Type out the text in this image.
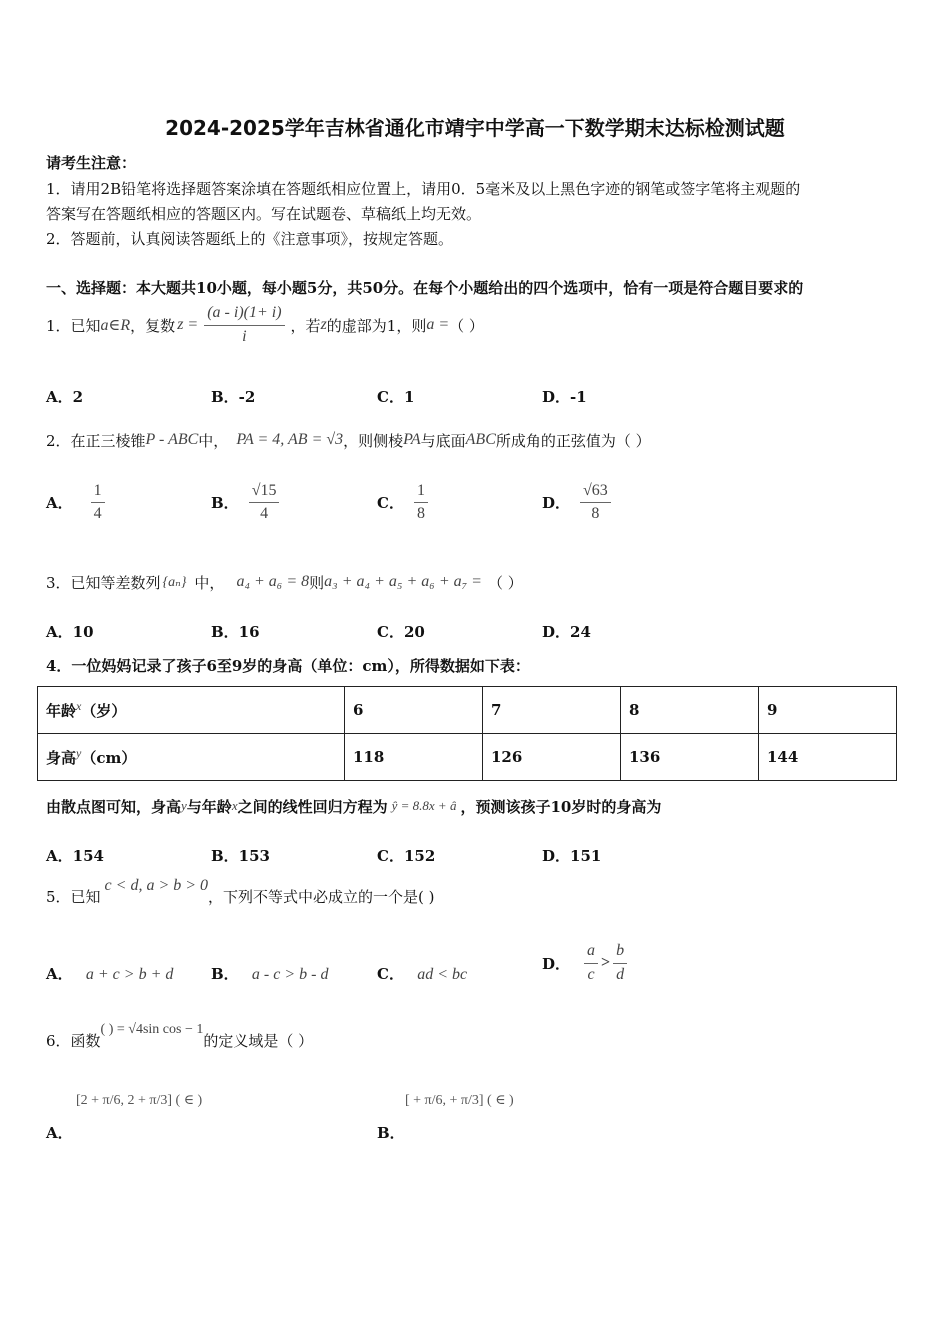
2024-2025学年吉林省通化市靖宇中学高一下数学期末达标检测试题
请考生注意：
1．请用2B铅笔将选择题答案涂填在答题纸相应位置上，请用0．5毫米及以上黑色字迹的钢笔或签字笔将主观题的
答案写在答题纸相应的答题区内。写在试题卷、草稿纸上均无效。
2．答题前，认真阅读答题纸上的《注意事项》，按规定答题。
一、选择题：本大题共10小题，每小题5分，共50分。在每个小题给出的四个选项中，恰有一项是符合题目要求的
1．已知 a∈R ，复数 $z = \frac{(a - i)(1+ i)}{i}$ ，若 z 的虚部为1，则 a = （ ）
A．2	B．-2	C．1	D．-1
2．在正三棱锥 P - ABC 中， PA = 4, AB = √3 ，则侧棱 PA 与底面 ABC 所成角的正弦值为（ ）
A． $\frac{1}{4}$	B． $\frac{√15}{4}$	C． $\frac{1}{8}$	D． $\frac{√63}{8}$
3．已知等差数列 {aₙ} 中， a₄ + a₆ = 8 则 a₃ + a₄ + a₅ + a₆ + a₇ = （ ）
A．10	B．16	C．20	D．24
4．一位妈妈记录了孩子6至9岁的身高（单位：cm），所得数据如下表：
年龄$^x$（岁）	6	7	8	9
身高$^y$（cm）	118	126	136	144
由散点图可知，身高 y 与年龄 x 之间的线性回归方程为 ŷ = 8.8x + â ，预测该孩子10岁时的身高为
A．154	B．153	C．152	D．151
5．已知
c < d, a > b > 0
，下列不等式中必成立的一个是( )
A． a + c > b + d	B． a - c > b - d	C． ad < bc
D． $\frac{a}{c} > \frac{b}{d}$
6．函数
( ) = √4sin cos − 1
的定义域是（ ）
[2 + π/6, 2 + π/3] ( ∈ )
A．
[ + π/6, + π/3] ( ∈ )
B．
